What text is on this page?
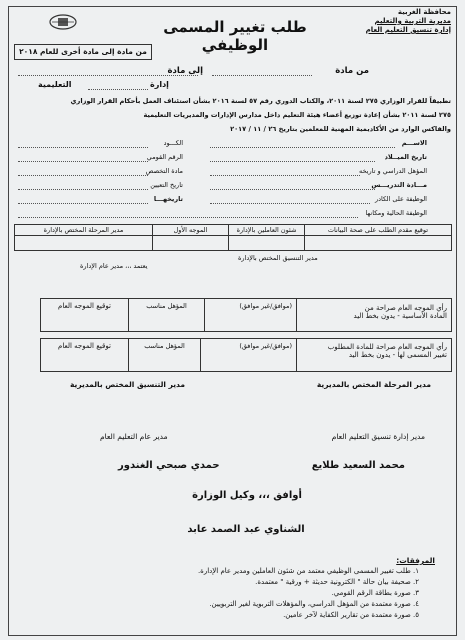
محافظة الغربية
مديرية التربية والتعليم
إدارة تنسيق التعليم العام
طلب تغيير المسمى الوظيفي
من مادة إلى مادة أخرى للعام ٢٠١٨
من مادة
إلى مادة
إدارة
التعليمية
تطبيقاً للقرار الوزاري ٢٧٥ لسنة ٢٠١١، والكتاب الدوري رقم ٥٧ لسنة ٢٠١٦ بشأن استئناف العمل بأحكام القرار الوزاري
٢٧٥ لسنة ٢٠١١ بشأن إعادة توزيع أعضاء هيئة التعليم داخل مدارس الإدارات والمديريات التعليمية
والفاكس الوارد من الأكاديمية المهنية للمعلمين بتاريخ ٢٦ / ١١ / ٢٠١٧
الاســـم
الكـــود
تاريخ الميــلاد
الرقم القومي
المؤهل الدراسي و تاريخه
مادة التخصص
مـــادة التدريـــس
تاريخ التعيين
الوظيفة على الكادر
تاريخهـــا
الوظيفة الحالية ومكانها
توقيع مقدم الطلب على صحة البيانات
شئون العاملين بالإدارة
الموجه الأول
مدير المرحلة المختص بالإدارة
مدير التنسيق المختص بالإدارة
يعتمد ،،، مدير عام الإدارة
رأي الموجه العام صراحة من
المادة الأساسية - يدون بخط اليد
(موافق/غير موافق)
المؤهل مناسب
توقيع الموجه العام
رأي الموجه العام صراحة للمادة المطلوب
تغيير المسمى لها - يدون بخط اليد
(موافق/غير موافق)
المؤهل مناسب
توقيع الموجه العام
مدير المرحلة المختص بالمديرية
مدير التنسيق المختص بالمديرية
مدير إدارة تنسيق التعليم العام
مدير عام التعليم العام
محمد السعيد طلايع
حمدي صبحي الغندور
أوافق ،،، وكيل الوزارة
الشناوي عبد الصمد عابد
المرفقات:
١. طلب تغيير المسمى الوظيفي معتمد من شئون العاملين ومدير عام الإدارة.
٢. صحيفة بيان حالة " الكترونية حديثة + ورقية " معتمدة.
٣. صورة بطاقة الرقم القومي.
٤. صورة معتمدة من المؤهل الدراسي، والمؤهلات التربوية لغير التربويين.
٥. صورة معتمدة من تقارير الكفاية لآخر عامين.
